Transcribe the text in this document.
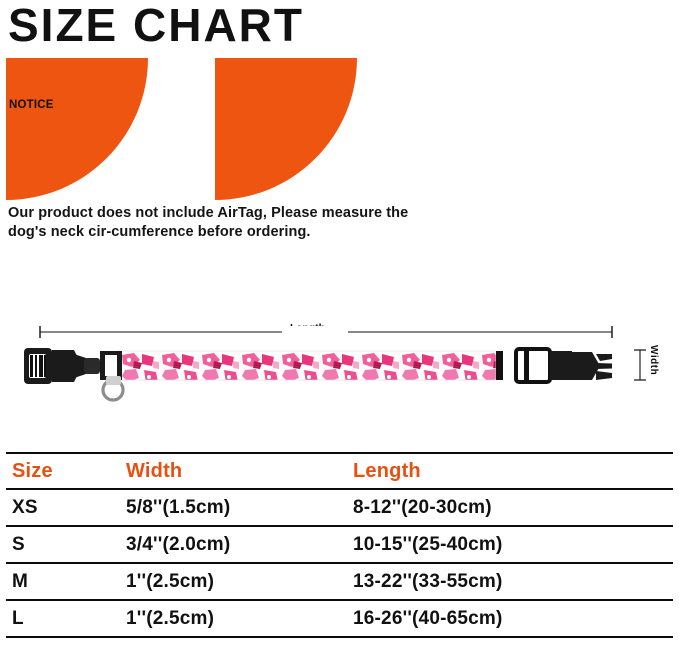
SIZE CHART
NOTICE
Our product does not include AirTag, Please measure the dog's neck cir-cumference before ordering.
Width
Size	Width	Length
XS	5/8''(1.5cm)	8-12''(20-30cm)
S	3/4''(2.0cm)	10-15''(25-40cm)
M	1''(2.5cm)	13-22''(33-55cm)
L	1''(2.5cm)	16-26''(40-65cm)
